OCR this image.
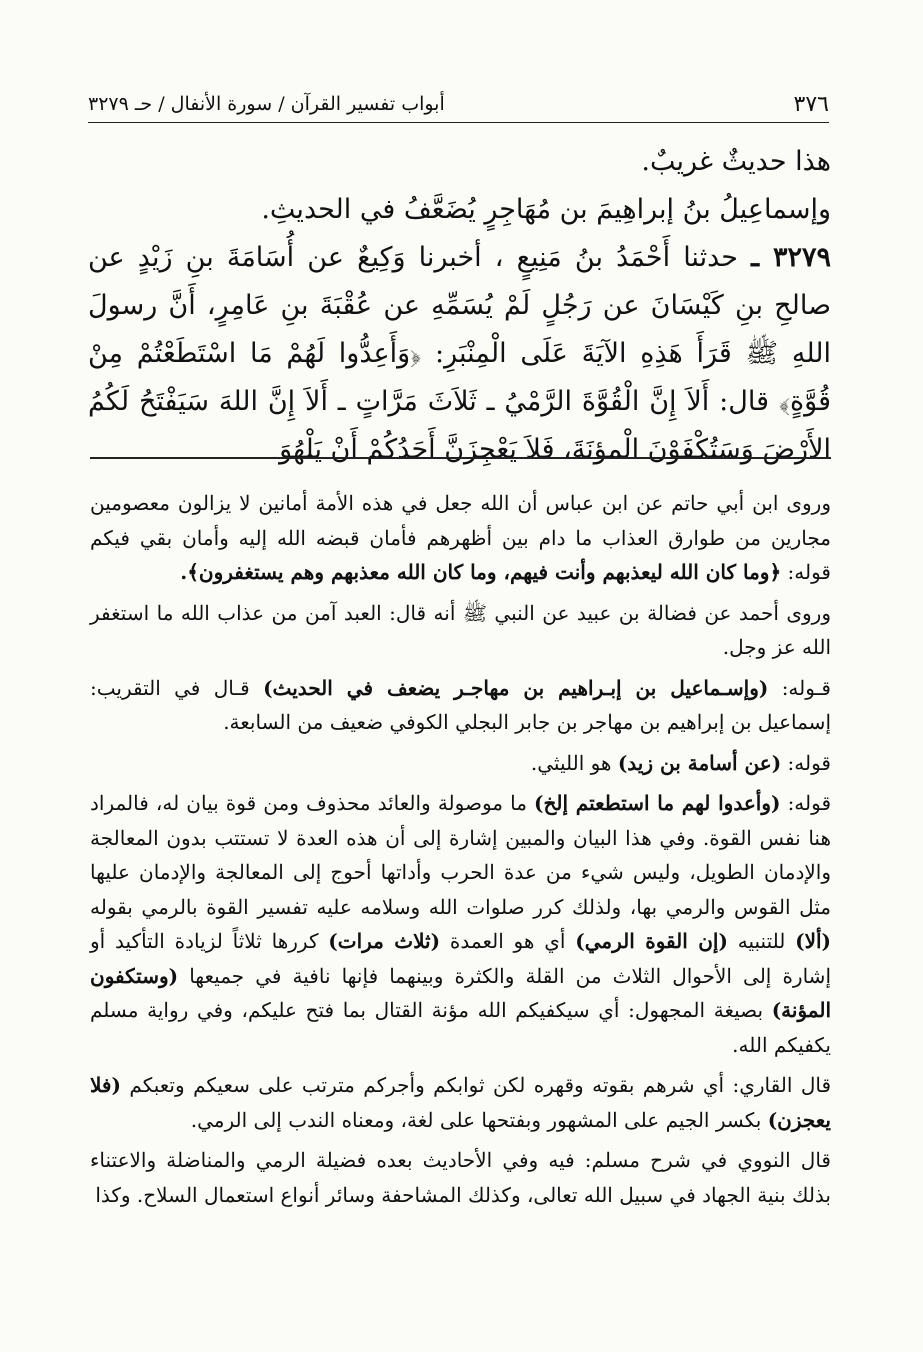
٣٧٦
أبواب تفسير القرآن / سورة الأنفال / حـ ٣٢٧٩

هذا حديثٌ غريبٌ.

وإسماعِيلُ بنُ إبراهِيمَ بن مُهَاجِرٍ يُضَعَّفُ في الحديثِ.

٣٢٧٩ ـ حدثنا أَحْمَدُ بنُ مَنِيعٍ ، أخبرنا وَكِيعٌ عن أُسَامَةَ بنِ زَيْدٍ عن صالحِ بنِ كَيْسَانَ عن رَجُلٍ لَمْ يُسَمِّهِ عن عُقْبَةَ بنِ عَامِرٍ، أَنَّ رسولَ اللهِ ﷺ قَرَأَ هَذِهِ الآيَةَ عَلَى الْمِنْبَرِ: ﴿وَأَعِدُّوا لَهُمْ مَا اسْتَطَعْتُمْ مِنْ قُوَّةٍ﴾ قال: أَلاَ إِنَّ الْقُوَّةَ الرَّمْيُ ـ ثَلاَثَ مَرَّاتٍ ـ أَلاَ إِنَّ اللهَ سَيَفْتَحُ لَكُمُ الأَرْضَ وَسَتُكْفَوْنَ الْمؤنَةَ، فَلاَ يَعْجِزَنَّ أَحَدُكُمْ أَنْ يَلْهُوَ

وروى ابن أبي حاتم عن ابن عباس أن الله جعل في هذه الأمة أمانين لا يزالون معصومين مجارين من طوارق العذاب ما دام بين أظهرهم فأمان قبضه الله إليه وأمان بقي فيكم قوله: ﴿وما كان الله ليعذبهم وأنت فيهم، وما كان الله معذبهم وهم يستغفرون﴾.

وروى أحمد عن فضالة بن عبيد عن النبي ﷺ أنه قال: العبد آمن من عذاب الله ما استغفر الله عز وجل.

قـوله: (وإسـماعيل بن إبـراهيم بن مهاجـر يضعف في الحديث) قـال في التقريب: إسماعيل بن إبراهيم بن مهاجر بن جابر البجلي الكوفي ضعيف من السابعة.

قوله: (عن أسامة بن زيد) هو الليثي.

قوله: (وأعدوا لهم ما استطعتم إلخ) ما موصولة والعائد محذوف ومن قوة بيان له، فالمراد هنا نفس القوة. وفي هذا البيان والمبين إشارة إلى أن هذه العدة لا تستتب بدون المعالجة والإدمان الطويل، وليس شيء من عدة الحرب وأداتها أحوج إلى المعالجة والإدمان عليها مثل القوس والرمي بها، ولذلك كرر صلوات الله وسلامه عليه تفسير القوة بالرمي بقوله (ألا) للتنبيه (إن القوة الرمي) أي هو العمدة (ثلاث مرات) كررها ثلاثاً لزيادة التأكيد أو إشارة إلى الأحوال الثلاث من القلة والكثرة وبينهما فإنها نافية في جميعها (وستكفون المؤنة) بصيغة المجهول: أي سيكفيكم الله مؤنة القتال بما فتح عليكم، وفي رواية مسلم يكفيكم الله.

قال القاري: أي شرهم بقوته وقهره لكن ثوابكم وأجركم مترتب على سعيكم وتعبكم (فلا يعجزن) بكسر الجيم على المشهور وبفتحها على لغة، ومعناه الندب إلى الرمي.

قال النووي في شرح مسلم: فيه وفي الأحاديث بعده فضيلة الرمي والمناضلة والاعتناء بذلك بنية الجهاد في سبيل الله تعالى، وكذلك المشاحفة وسائر أنواع استعمال السلاح. وكذا
